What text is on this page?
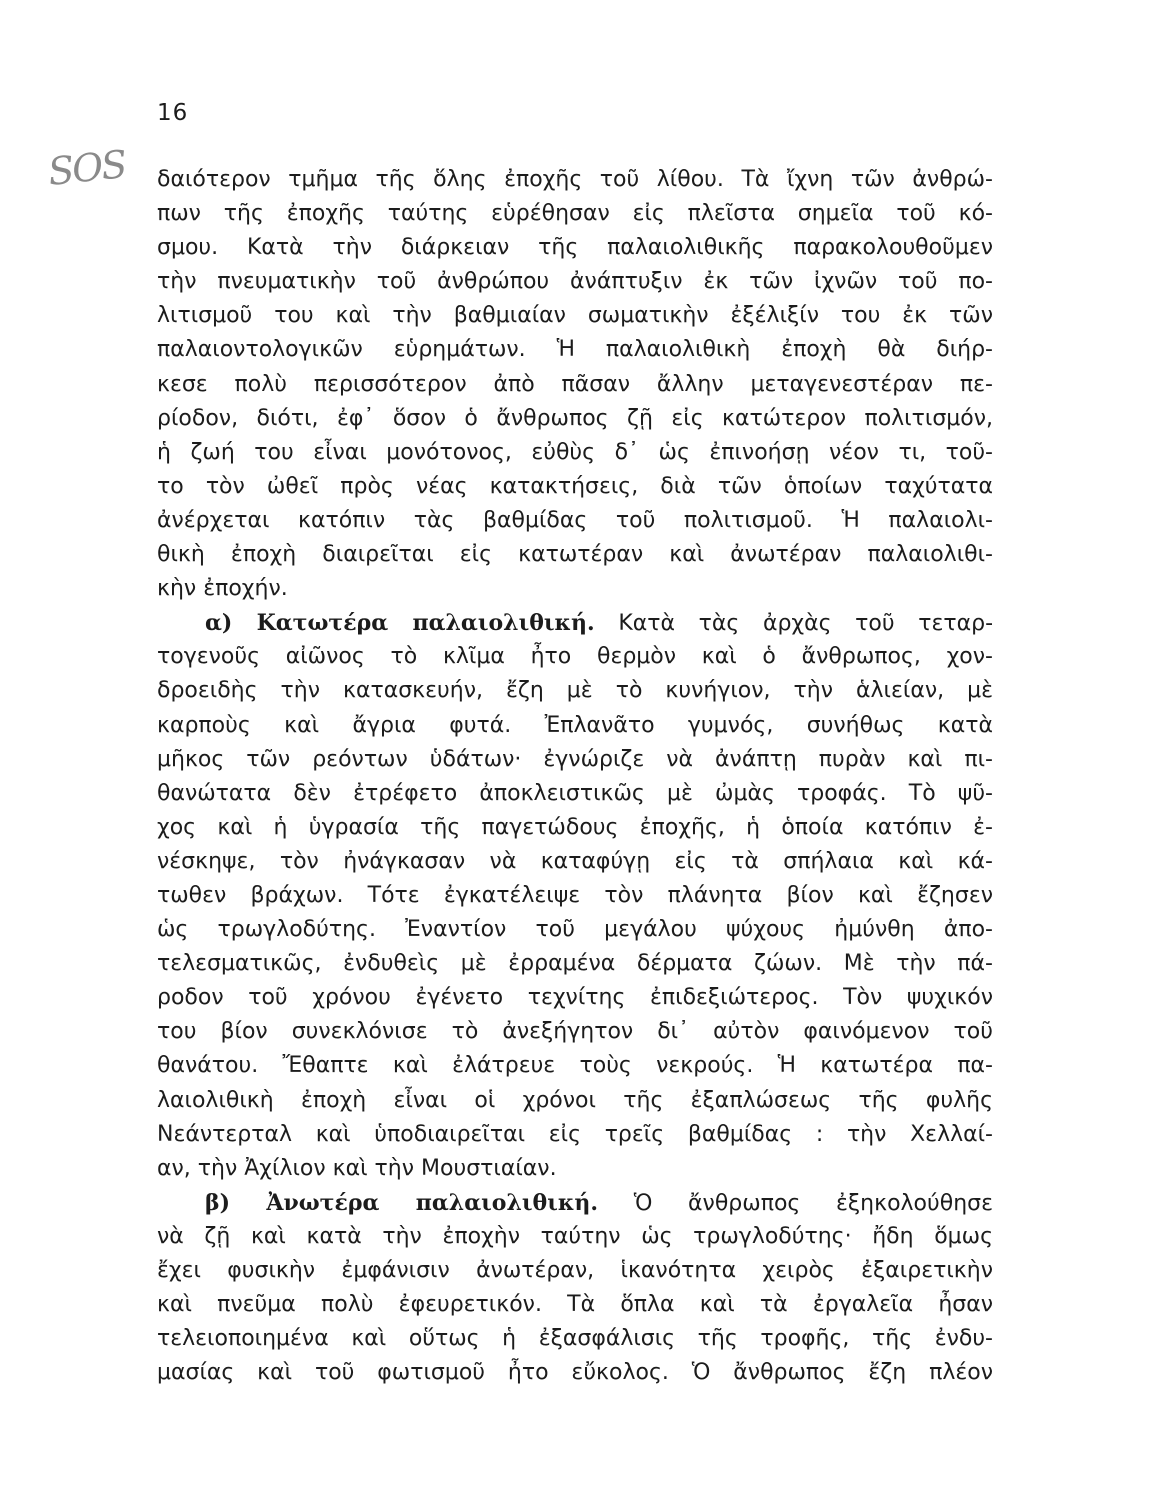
16
SOS δαιότερον τμῆμα τῆς ὅλης ἐποχῆς τοῦ λίθου. Τὰ ἴχνη τῶν ἀνθρώ-
πων τῆς ἐποχῆς ταύτης εὑρέθησαν εἰς πλεῖστα σημεῖα τοῦ κό-
σμου. Κατὰ τὴν διάρκειαν τῆς παλαιολιθικῆς παρακολουθοῦμεν
τὴν πνευματικὴν τοῦ ἀνθρώπου ἀνάπτυξιν ἐκ τῶν ἰχνῶν τοῦ πο-
λιτισμοῦ του καὶ τὴν βαθμιαίαν σωματικὴν ἐξέλιξίν του ἐκ τῶν
παλαιοντολογικῶν εὑρημάτων. Ἡ παλαιολιθικὴ ἐποχὴ θὰ διήρ-
κεσε πολὺ περισσότερον ἀπὸ πᾶσαν ἄλλην μεταγενεστέραν πε-
ρίοδον, διότι, ἐφ᾿ ὅσον ὁ ἄνθρωπος ζῇ εἰς κατώτερον πολιτισμόν,
ἡ ζωή του εἶναι μονότονος, εὐθὺς δ᾿ ὡς ἐπινοήσῃ νέον τι, τοῦ-
το τὸν ὠθεῖ πρὸς νέας κατακτήσεις, διὰ τῶν ὁποίων ταχύτατα
ἀνέρχεται κατόπιν τὰς βαθμίδας τοῦ πολιτισμοῦ. Ἡ παλαιολι-
θικὴ ἐποχὴ διαιρεῖται εἰς κατωτέραν καὶ ἀνωτέραν παλαιολιθι-
κὴν ἐποχήν.
α) Κατωτέρα παλαιολιθική. Κατὰ τὰς ἀρχὰς τοῦ τεταρ-
τογενοῦς αἰῶνος τὸ κλῖμα ἦτο θερμὸν καὶ ὁ ἄνθρωπος, χον-
δροειδὴς τὴν κατασκευήν, ἔζη μὲ τὸ κυνήγιον, τὴν ἁλιείαν, μὲ
καρποὺς καὶ ἄγρια φυτά. Ἐπλανᾶτο γυμνός, συνήθως κατὰ
μῆκος τῶν ρεόντων ὑδάτων· ἐγνώριζε νὰ ἀνάπτῃ πυρὰν καὶ πι-
θανώτατα δὲν ἐτρέφετο ἀποκλειστικῶς μὲ ὠμὰς τροφάς. Τὸ ψῦ-
χος καὶ ἡ ὑγρασία τῆς παγετώδους ἐποχῆς, ἡ ὁποία κατόπιν ἐ-
νέσκηψε, τὸν ἠνάγκασαν νὰ καταφύγῃ εἰς τὰ σπήλαια καὶ κά-
τωθεν βράχων. Τότε ἐγκατέλειψε τὸν πλάνητα βίον καὶ ἔζησεν
ὡς τρωγλοδύτης. Ἐναντίον τοῦ μεγάλου ψύχους ἠμύνθη ἀπο-
τελεσματικῶς, ἐνδυθεὶς μὲ ἐρραμένα δέρματα ζώων. Μὲ τὴν πά-
ροδον τοῦ χρόνου ἐγένετο τεχνίτης ἐπιδεξιώτερος. Τὸν ψυχικόν
του βίον συνεκλόνισε τὸ ἀνεξήγητον δι᾿ αὐτὸν φαινόμενον τοῦ
θανάτου. Ἔθαπτε καὶ ἐλάτρευε τοὺς νεκρούς. Ἡ κατωτέρα πα-
λαιολιθικὴ ἐποχὴ εἶναι οἱ χρόνοι τῆς ἐξαπλώσεως τῆς φυλῆς
Νεάντερταλ καὶ ὑποδιαιρεῖται εἰς τρεῖς βαθμίδας : τὴν Χελλαί-
αν, τὴν Ἀχίλιον καὶ τὴν Μουστιαίαν.
β) Ἀνωτέρα παλαιολιθική. Ὁ ἄνθρωπος ἐξηκολούθησε
νὰ ζῇ καὶ κατὰ τὴν ἐποχὴν ταύτην ὡς τρωγλοδύτης· ἤδη ὅμως
ἔχει φυσικὴν ἐμφάνισιν ἀνωτέραν, ἱκανότητα χειρὸς ἐξαιρετικὴν
καὶ πνεῦμα πολὺ ἐφευρετικόν. Τὰ ὅπλα καὶ τὰ ἐργαλεῖα ἦσαν
τελειοποιημένα καὶ οὕτως ἡ ἐξασφάλισις τῆς τροφῆς, τῆς ἐνδυ-
μασίας καὶ τοῦ φωτισμοῦ ἦτο εὔκολος. Ὁ ἄνθρωπος ἔζη πλέον
